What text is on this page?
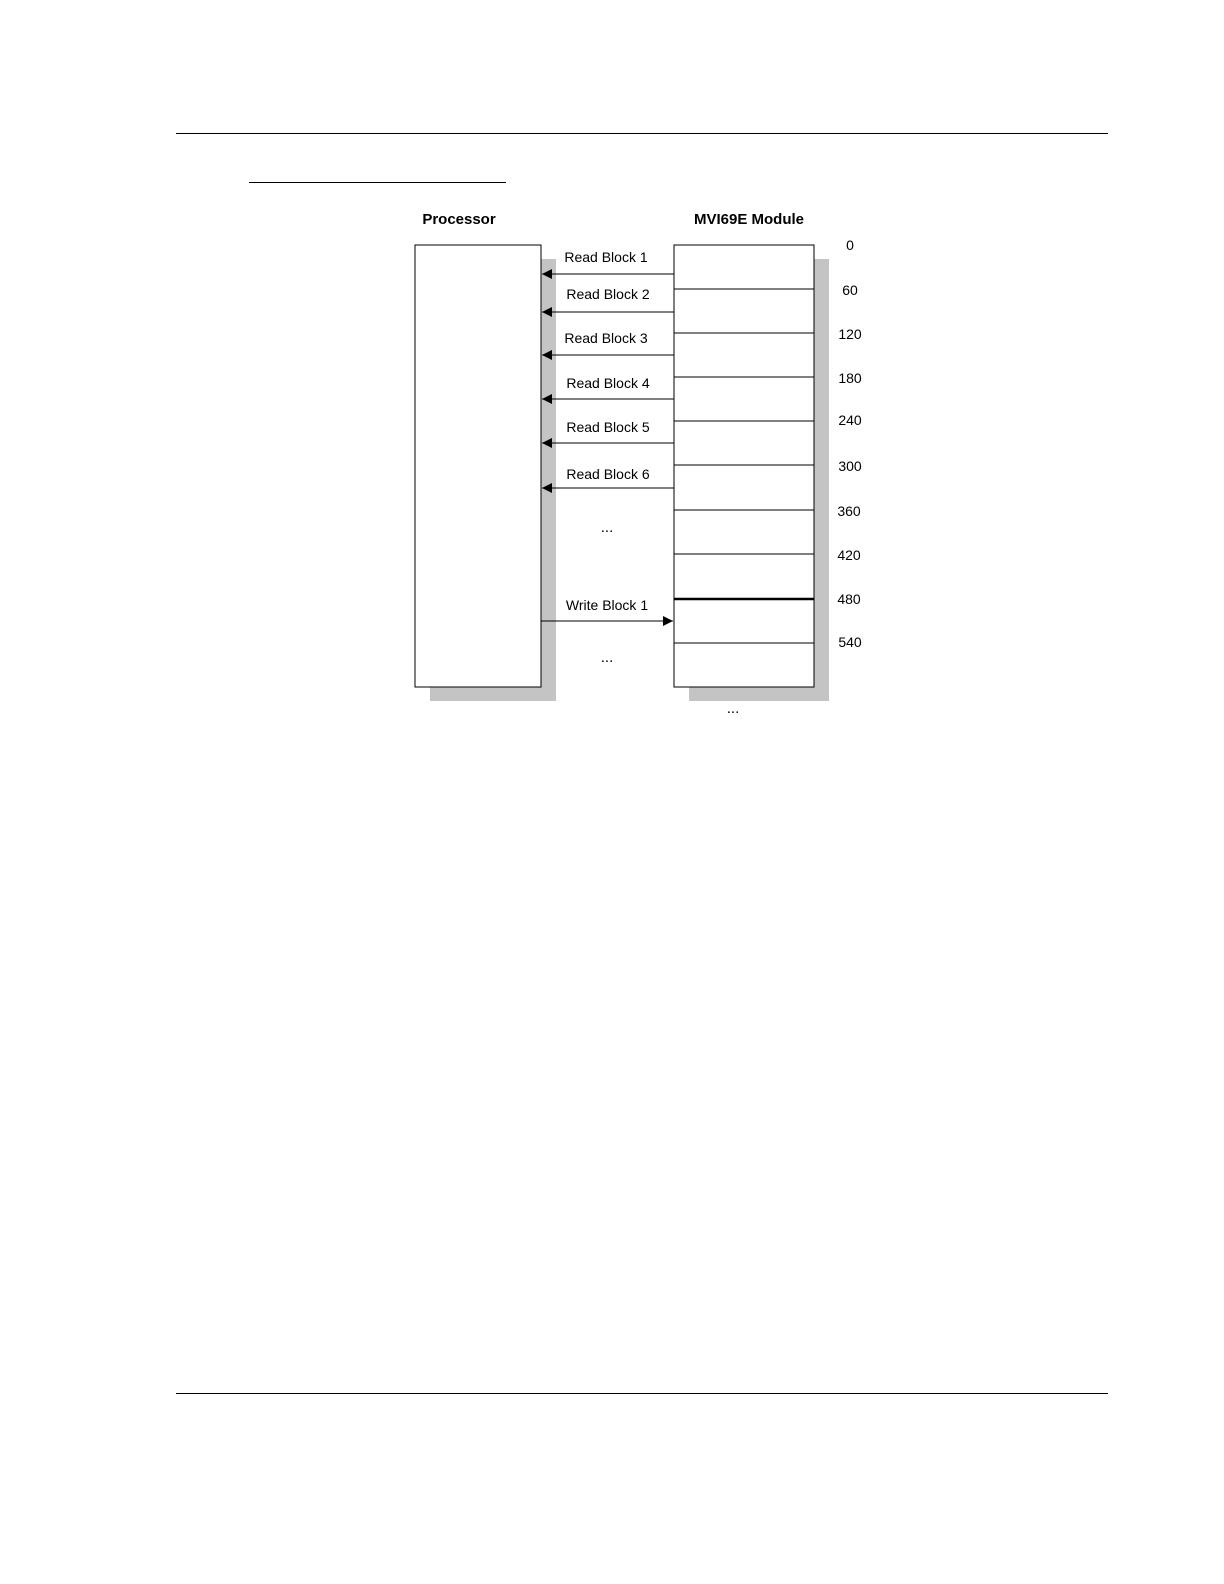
Processor	MVI69E Module
0
60
120
180
240
300
360
420
480
540
Read Block 1
Read Block 2
Read Block 3
Read Block 4
Read Block 5
Read Block 6
...
Write Block 1
...
...
